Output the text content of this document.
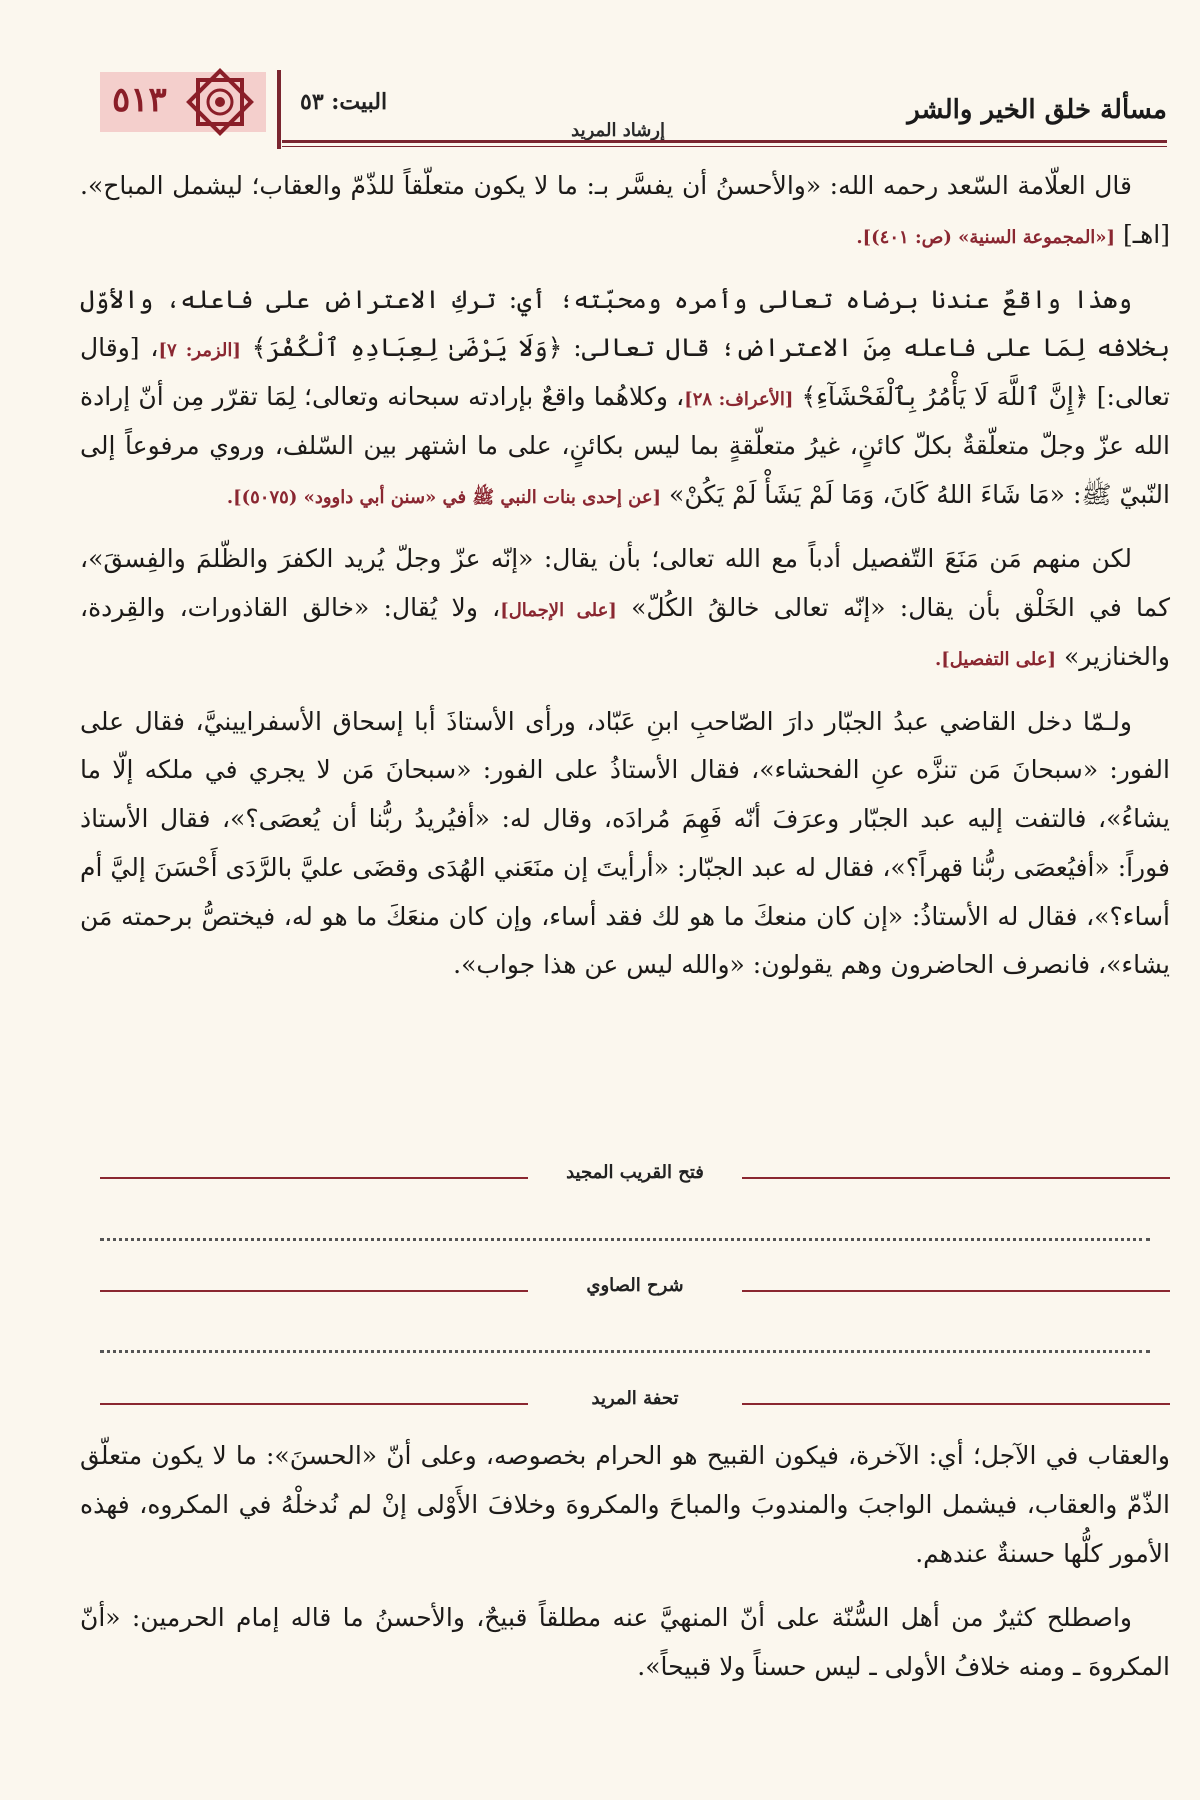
مسألة خلق الخير والشر
إرشاد المريد
البيت: ٥٣
٥١٣

قال العلّامة السّعد رحمه الله: «والأحسنُ أن يفسَّر بـ: ما لا يكون متعلّقاً للذّمّ والعقاب؛ ليشمل المباح». [اهـ] [«المجموعة السنية» (ص: ٤٠١)].

وهذا واقعٌ عندنا برضاه تعالى وأمره ومحبّته؛ أي: تركِ الاعتراض على فاعله، والأوّل بخلافه لِمَا على فاعله مِنَ الاعتراض؛ قال تعالى: ﴿وَلَا يَرْضَىٰ لِعِبَادِهِ ٱلْكُفْرَ﴾ [الزمر: ٧]، [وقال تعالى:] ﴿إِنَّ ٱللَّهَ لَا يَأْمُرُ بِٱلْفَحْشَآءِ﴾ [الأعراف: ٢٨]، وكلاهُما واقعٌ بإرادته سبحانه وتعالى؛ لِمَا تقرّر مِن أنّ إرادة الله عزّ وجلّ متعلّقةٌ بكلّ كائنٍ، غيرُ متعلّقةٍ بما ليس بكائنٍ، على ما اشتهر بين السّلف، وروي مرفوعاً إلى النّبيّ ﷺ: «مَا شَاءَ اللهُ كَانَ، وَمَا لَمْ يَشَأْ لَمْ يَكُنْ» [عن إحدى بنات النبي ﷺ في «سنن أبي داوود» (٥٠٧٥)].

لكن منهم مَن مَنَعَ التّفصيل أدباً مع الله تعالى؛ بأن يقال: «إنّه عزّ وجلّ يُريد الكفرَ والظّلمَ والفِسقَ»، كما في الخَلْق بأن يقال: «إنّه تعالى خالقُ الكُلّ» [على الإجمال]، ولا يُقال: «خالق القاذورات، والقِردة، والخنازير» [على التفصيل].

ولـمّا دخل القاضي عبدُ الجبّار دارَ الصّاحبِ ابنِ عَبّاد، ورأى الأستاذَ أبا إسحاق الأسفرايينيَّ، فقال على الفور: «سبحانَ مَن تنزَّه عنِ الفحشاء»، فقال الأستاذُ على الفور: «سبحانَ مَن لا يجري في ملكه إلّا ما يشاءُ»، فالتفت إليه عبد الجبّار وعرَفَ أنّه فَهِمَ مُرادَه، وقال له: «أفيُريدُ ربُّنا أن يُعصَى؟»، فقال الأستاذ فوراً: «أفيُعصَى ربُّنا قهراً؟»، فقال له عبد الجبّار: «أرأيتَ إن منَعَني الهُدَى وقضَى عليَّ بالرَّدَى أَحْسَنَ إليَّ أم أساء؟»، فقال له الأستاذُ: «إن كان منعكَ ما هو لك فقد أساء، وإن كان منعَكَ ما هو له، فيختصُّ برحمته مَن يشاء»، فانصرف الحاضرون وهم يقولون: «والله ليس عن هذا جواب».

فتح القريب المجيد
شرح الصاوي
تحفة المريد

والعقاب في الآجل؛ أي: الآخرة، فيكون القبيح هو الحرام بخصوصه، وعلى أنّ «الحسنَ»: ما لا يكون متعلّق الذّمّ والعقاب، فيشمل الواجبَ والمندوبَ والمباحَ والمكروهَ وخلافَ الأَوْلى إنْ لم نُدخلْهُ في المكروه، فهذه الأمور كلُّها حسنةٌ عندهم.

واصطلح كثيرٌ من أهل السُّنّة على أنّ المنهيَّ عنه مطلقاً قبيحٌ، والأحسنُ ما قاله إمام الحرمين: «أنّ المكروهَ ـ ومنه خلافُ الأولى ـ ليس حسناً ولا قبيحاً».
